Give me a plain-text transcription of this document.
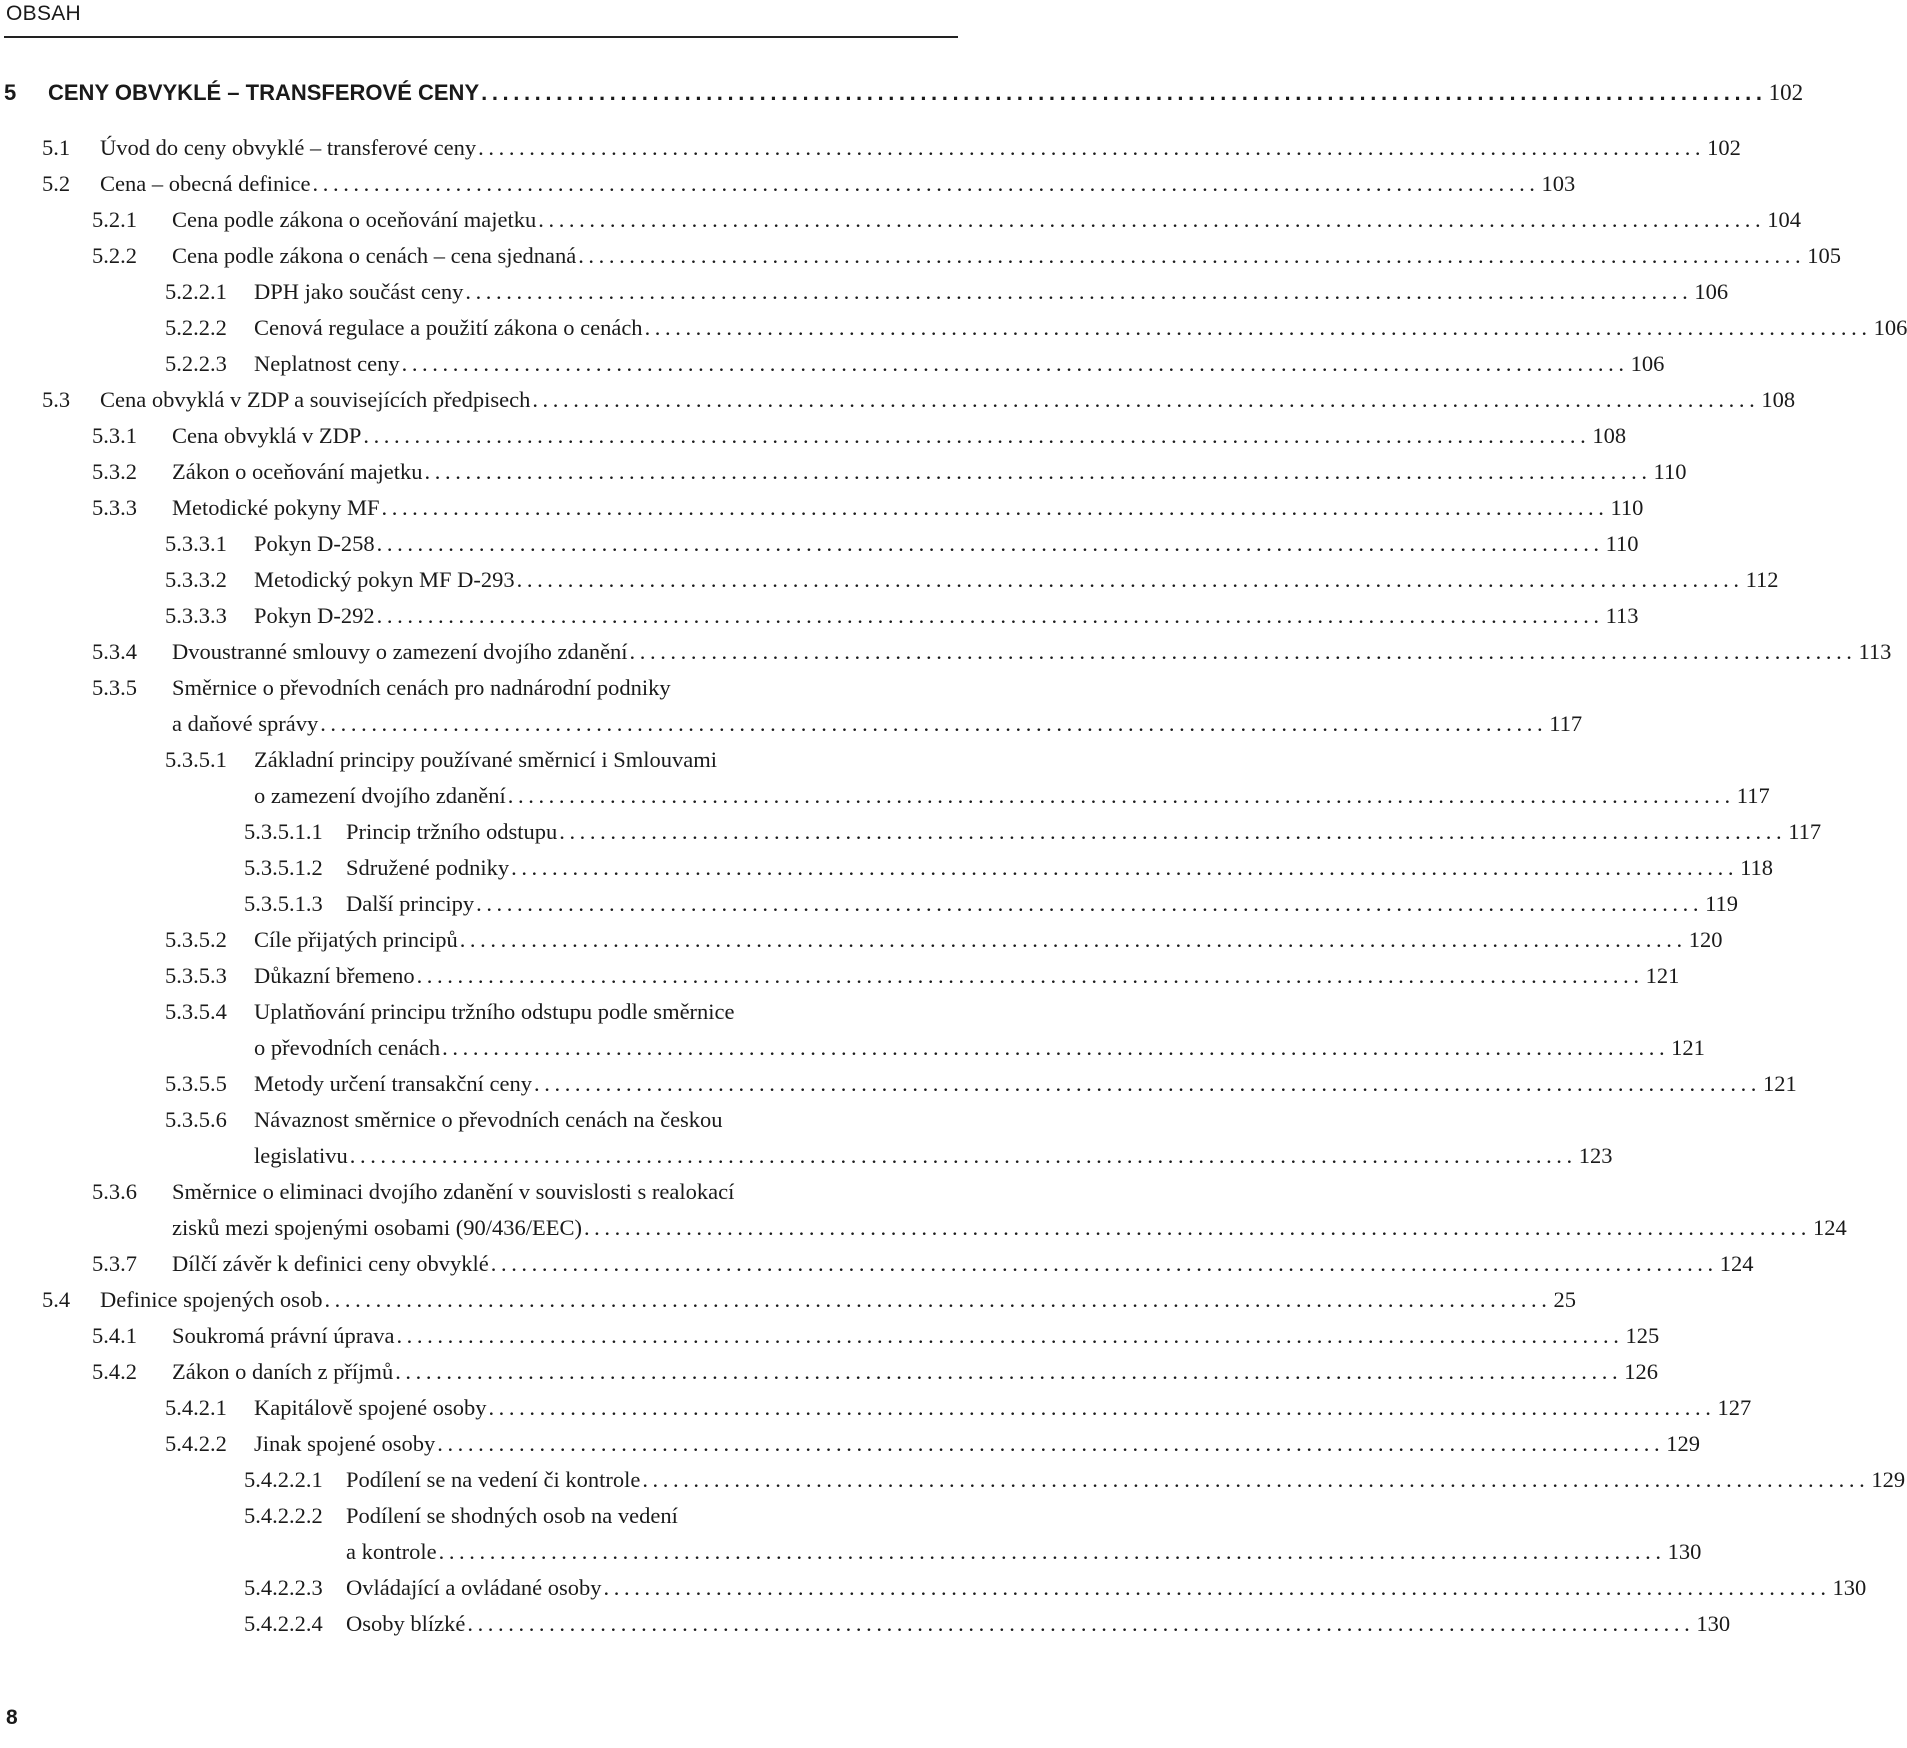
OBSAH
5 CENY OBVYKLÉ – TRANSFEROVÉ CENY ........................................................................................................................ 102
5.1 Úvod do ceny obvyklé – transferové ceny ........................................................................................................................ 102
5.2 Cena – obecná definice ........................................................................................................................ 103
5.2.1 Cena podle zákona o oceňování majetku ........................................................................................................................ 104
5.2.2 Cena podle zákona o cenách – cena sjednaná ........................................................................................................................ 105
5.2.2.1 DPH jako součást ceny ........................................................................................................................ 106
5.2.2.2 Cenová regulace a použití zákona o cenách ........................................................................................................................ 106
5.2.2.3 Neplatnost ceny ........................................................................................................................ 106
5.3 Cena obvyklá v ZDP a souvisejících předpisech ........................................................................................................................ 108
5.3.1 Cena obvyklá v ZDP ........................................................................................................................ 108
5.3.2 Zákon o oceňování majetku ........................................................................................................................ 110
5.3.3 Metodické pokyny MF ........................................................................................................................ 110
5.3.3.1 Pokyn D-258 ........................................................................................................................ 110
5.3.3.2 Metodický pokyn MF D-293 ........................................................................................................................ 112
5.3.3.3 Pokyn D-292 ........................................................................................................................ 113
5.3.4 Dvoustranné smlouvy o zamezení dvojího zdanění ........................................................................................................................ 113
5.3.5 Směrnice o převodních cenách pro nadnárodní podniky
a daňové správy ........................................................................................................................ 117
5.3.5.1 Základní principy používané směrnicí i Smlouvami
o zamezení dvojího zdanění ........................................................................................................................ 117
5.3.5.1.1 Princip tržního odstupu ........................................................................................................................ 117
5.3.5.1.2 Sdružené podniky ........................................................................................................................ 118
5.3.5.1.3 Další principy ........................................................................................................................ 119
5.3.5.2 Cíle přijatých principů ........................................................................................................................ 120
5.3.5.3 Důkazní břemeno ........................................................................................................................ 121
5.3.5.4 Uplatňování principu tržního odstupu podle směrnice
o převodních cenách ........................................................................................................................ 121
5.3.5.5 Metody určení transakční ceny ........................................................................................................................ 121
5.3.5.6 Návaznost směrnice o převodních cenách na českou
legislativu ........................................................................................................................ 123
5.3.6 Směrnice o eliminaci dvojího zdanění v souvislosti s realokací
zisků mezi spojenými osobami (90/436/EEC) ........................................................................................................................ 124
5.3.7 Dílčí závěr k definici ceny obvyklé ........................................................................................................................ 124
5.4 Definice spojených osob ........................................................................................................................ 25
5.4.1 Soukromá právní úprava ........................................................................................................................ 125
5.4.2 Zákon o daních z příjmů ........................................................................................................................ 126
5.4.2.1 Kapitálově spojené osoby ........................................................................................................................ 127
5.4.2.2 Jinak spojené osoby ........................................................................................................................ 129
5.4.2.2.1 Podílení se na vedení či kontrole ........................................................................................................................ 129
5.4.2.2.2 Podílení se shodných osob na vedení
a kontrole ........................................................................................................................ 130
5.4.2.2.3 Ovládající a ovládané osoby ........................................................................................................................ 130
5.4.2.2.4 Osoby blízké ........................................................................................................................ 130
8
